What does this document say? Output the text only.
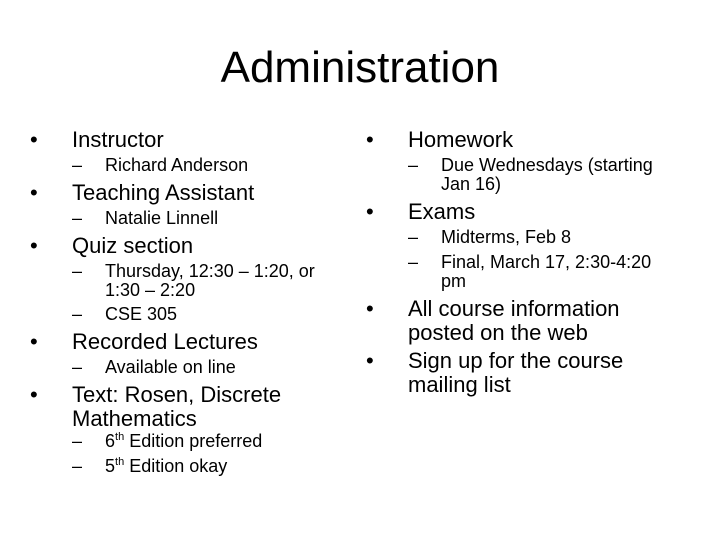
Administration
•	Instructor
– Richard Anderson
•	Teaching Assistant
– Natalie Linnell
•	Quiz section
– Thursday, 12:30 – 1:20, or
1:30 – 2:20
– CSE 305
•	Recorded Lectures
– Available on line
•	Text: Rosen, Discrete
Mathematics
– 6th Edition preferred
– 5th Edition okay
•	Homework
– Due Wednesdays (starting
Jan 16)
•	Exams
– Midterms, Feb 8
– Final, March 17, 2:30-4:20
pm
•	All course information
posted on the web
•	Sign up for the course
mailing list
